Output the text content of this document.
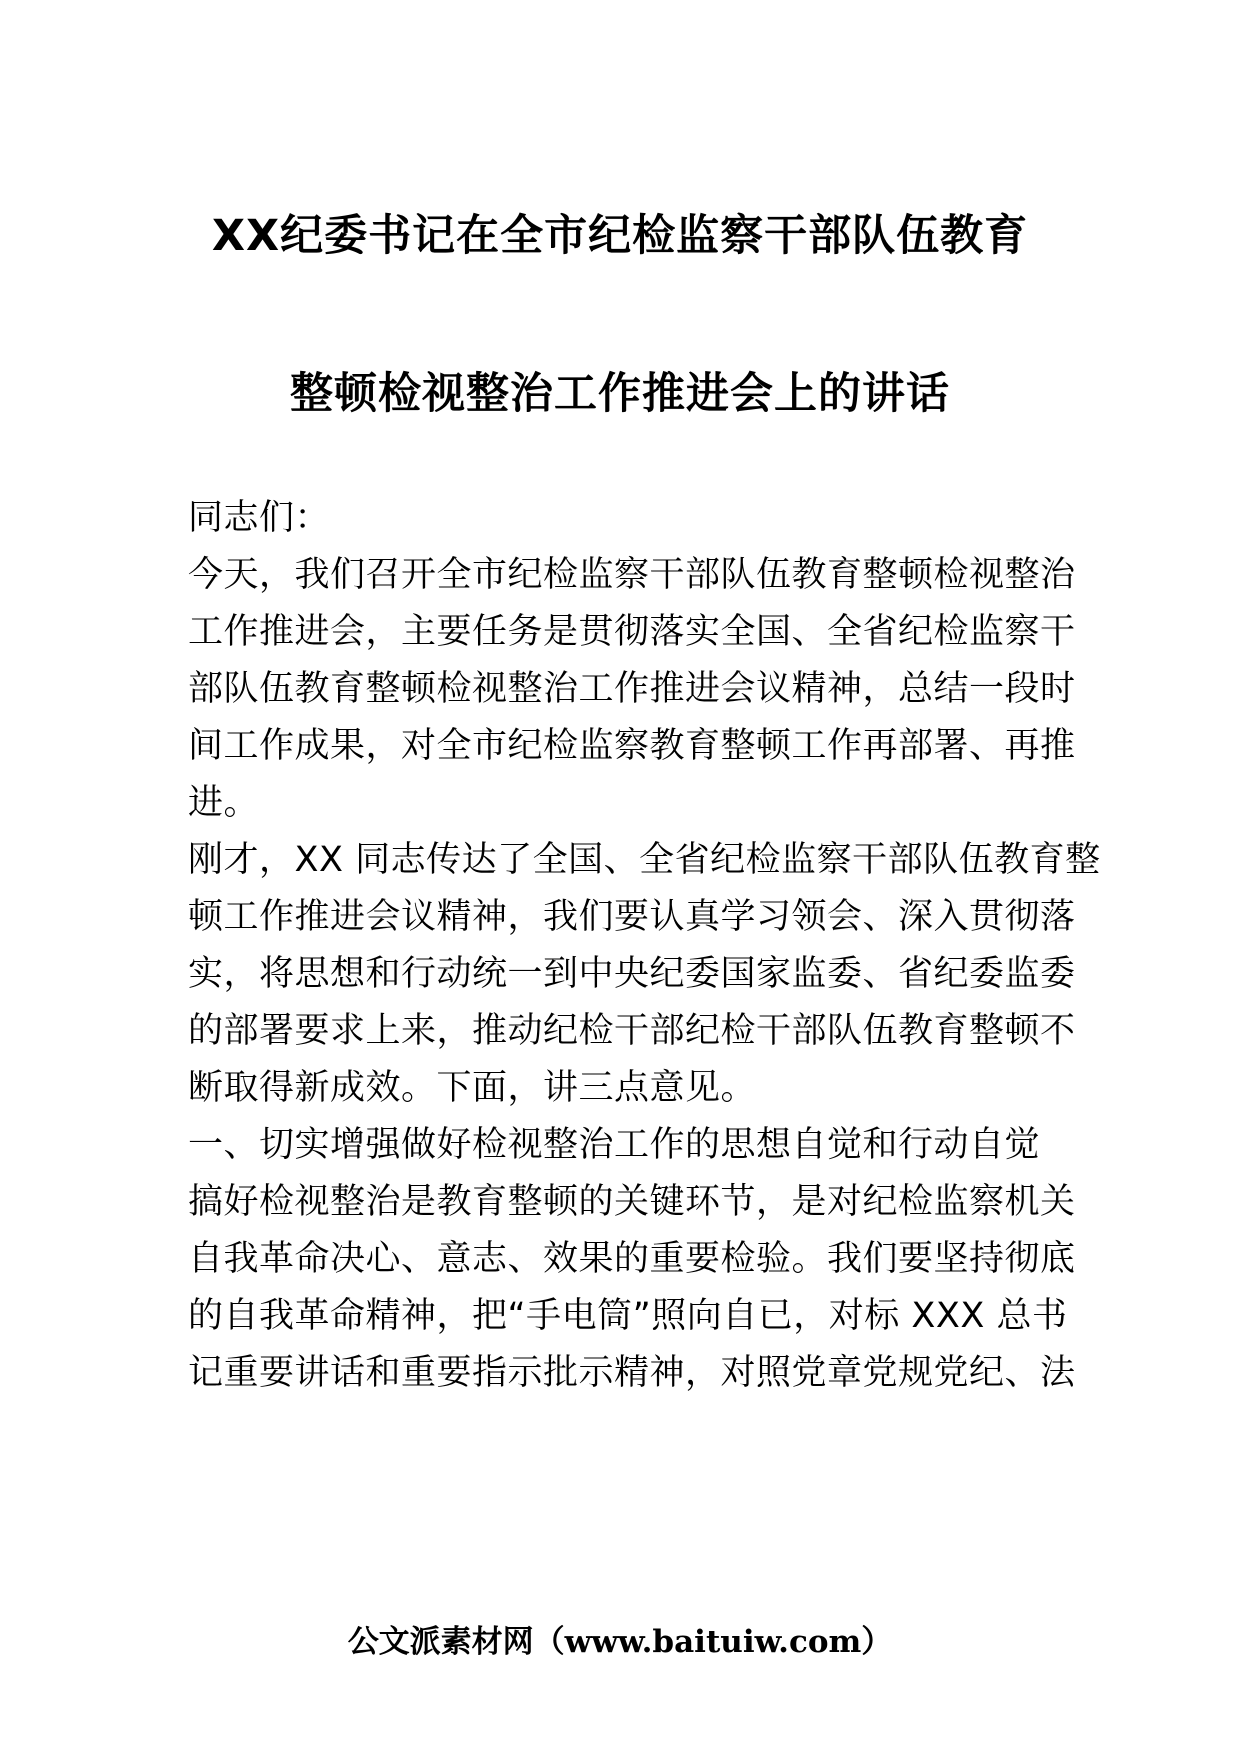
XX纪委书记在全市纪检监察干部队伍教育
整顿检视整治工作推进会上的讲话
同志们：
今天，我们召开全市纪检监察干部队伍教育整顿检视整治
工作推进会，主要任务是贯彻落实全国、全省纪检监察干
部队伍教育整顿检视整治工作推进会议精神，总结一段时
间工作成果，对全市纪检监察教育整顿工作再部署、再推
进。
刚才，XX 同志传达了全国、全省纪检监察干部队伍教育整
顿工作推进会议精神，我们要认真学习领会、深入贯彻落
实，将思想和行动统一到中央纪委国家监委、省纪委监委
的部署要求上来，推动纪检干部纪检干部队伍教育整顿不
断取得新成效。下面，讲三点意见。
一、切实增强做好检视整治工作的思想自觉和行动自觉
搞好检视整治是教育整顿的关键环节，是对纪检监察机关
自我革命决心、意志、效果的重要检验。我们要坚持彻底
的自我革命精神，把“手电筒”照向自已，对标 XXX 总书
记重要讲话和重要指示批示精神，对照党章党规党纪、法
公文派素材网（www.baituiw.com）
